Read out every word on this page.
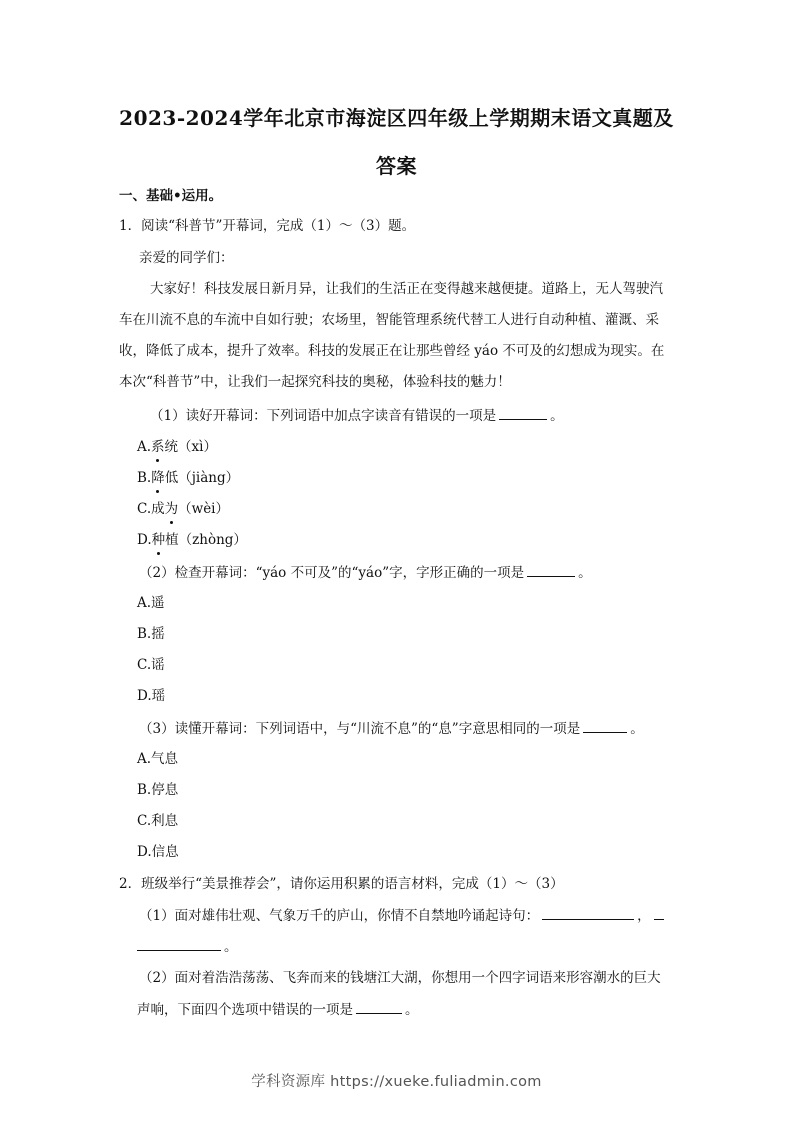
2023-2024学年北京市海淀区四年级上学期期末语文真题及
答案
一、基础•运用。
1．阅读“科普节”开幕词，完成（1）～（3）题。
亲爱的同学们：
大家好！科技发展日新月异，让我们的生活正在变得越来越便捷。道路上，无人驾驶汽
车在川流不息的车流中自如行驶；农场里，智能管理系统代替工人进行自动种植、灌溉、采
收，降低了成本，提升了效率。科技的发展正在让那些曾经 yáo 不可及的幻想成为现实。在
本次“科普节”中，让我们一起探究科技的奥秘，体验科技的魅力！
（1）读好开幕词：下列词语中加点字读音有错误的一项是	。
A.系统（xì）
B.降低（jiàng）
C.成为（wèi）
D.种植（zhòng）
（2）检查开幕词：“yáo 不可及”的“yáo”字，字形正确的一项是	。
A.遥
B.摇
C.谣
D.瑶
（3）读懂开幕词：下列词语中，与“川流不息”的“息”字意思相同的一项是	。
A.气息
B.停息
C.利息
D.信息
2．班级举行“美景推荐会”，请你运用积累的语言材料，完成（1）～（3）
（1）面对雄伟壮观、气象万千的庐山，你情不自禁地吟诵起诗句：	，
。
（2）面对着浩浩荡荡、飞奔而来的钱塘江大湖，你想用一个四字词语来形容潮水的巨大
声响，下面四个选项中错误的一项是	。
学科资源库 https://xueke.fuliadmin.com
